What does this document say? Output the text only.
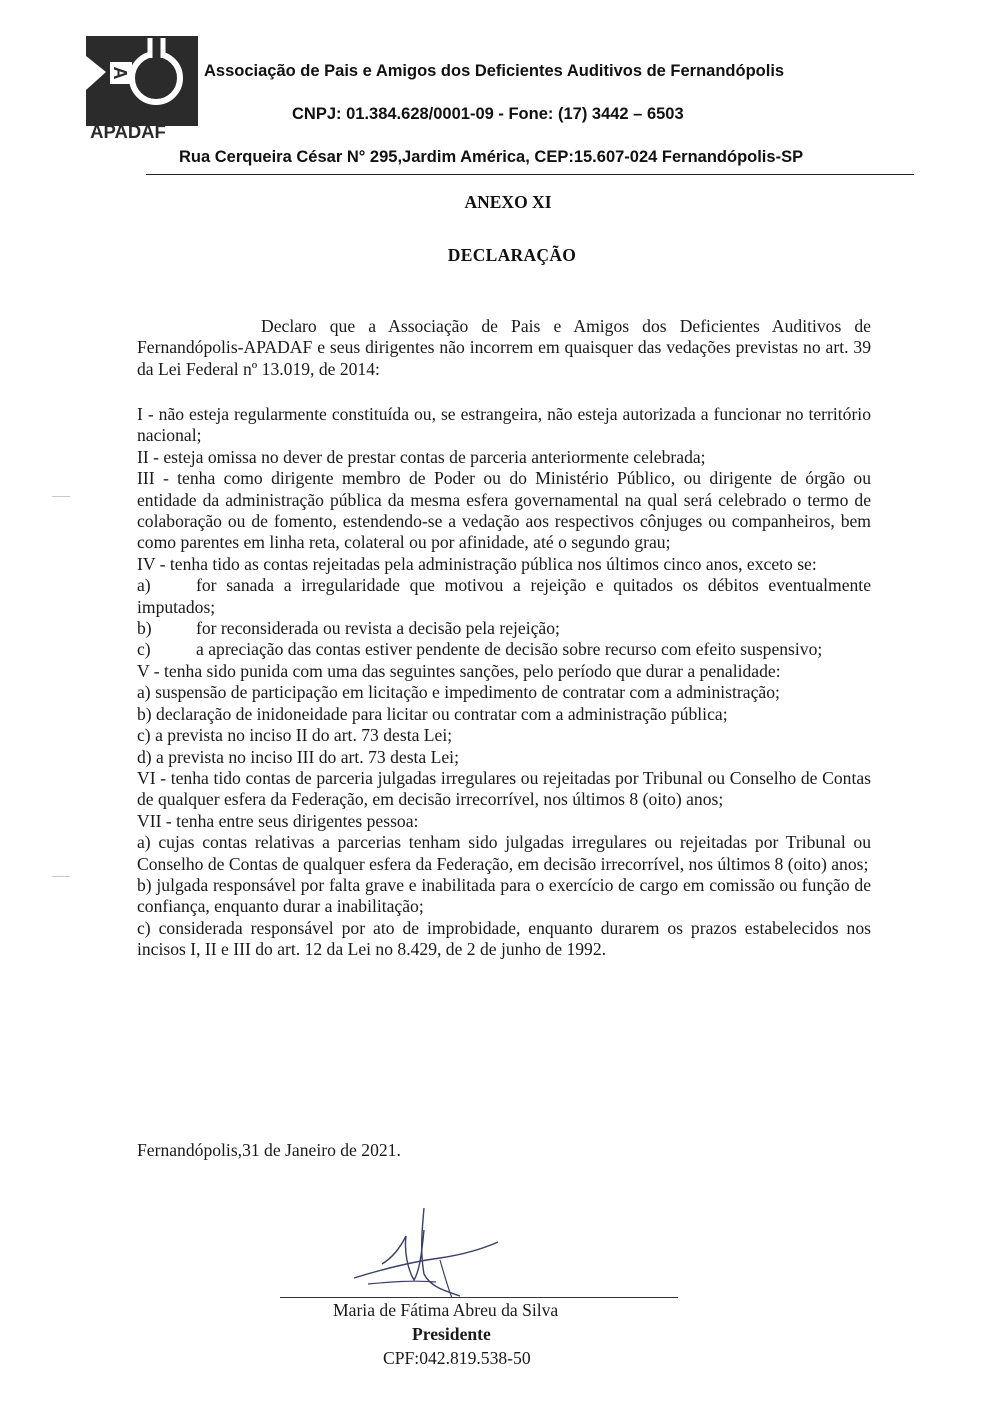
A
APADAF
Associação de Pais e Amigos dos Deficientes Auditivos de Fernandópolis
CNPJ: 01.384.628/0001-09 - Fone: (17) 3442 – 6503
Rua Cerqueira César N° 295,Jardim América, CEP:15.607-024 Fernandópolis-SP
ANEXO XI
DECLARAÇÃO
Declaro que a Associação de Pais e Amigos dos Deficientes Auditivos de Fernandópolis-APADAF e seus dirigentes não incorrem em quaisquer das vedações previstas no art. 39 da Lei Federal nº 13.019, de 2014:

I - não esteja regularmente constituída ou, se estrangeira, não esteja autorizada a funcionar no território nacional;

II - esteja omissa no dever de prestar contas de parceria anteriormente celebrada;

III - tenha como dirigente membro de Poder ou do Ministério Público, ou dirigente de órgão ou entidade da administração pública da mesma esfera governamental na qual será celebrado o termo de colaboração ou de fomento, estendendo-se a vedação aos respectivos cônjuges ou companheiros, bem como parentes em linha reta, colateral ou por afinidade, até o segundo grau;

IV - tenha tido as contas rejeitadas pela administração pública nos últimos cinco anos, exceto se:

a)	for sanada a irregularidade que motivou a rejeição e quitados os débitos eventualmente imputados;

b)	for reconsiderada ou revista a decisão pela rejeição;

c)	a apreciação das contas estiver pendente de decisão sobre recurso com efeito suspensivo;

V - tenha sido punida com uma das seguintes sanções, pelo período que durar a penalidade:

a) suspensão de participação em licitação e impedimento de contratar com a administração;

b) declaração de inidoneidade para licitar ou contratar com a administração pública;

c) a prevista no inciso II do art. 73 desta Lei;

d) a prevista no inciso III do art. 73 desta Lei;

VI - tenha tido contas de parceria julgadas irregulares ou rejeitadas por Tribunal ou Conselho de Contas de qualquer esfera da Federação, em decisão irrecorrível, nos últimos 8 (oito) anos;

VII - tenha entre seus dirigentes pessoa:

a) cujas contas relativas a parcerias tenham sido julgadas irregulares ou rejeitadas por Tribunal ou Conselho de Contas de qualquer esfera da Federação, em decisão irrecorrível, nos últimos 8 (oito) anos;

b) julgada responsável por falta grave e inabilitada para o exercício de cargo em comissão ou função de confiança, enquanto durar a inabilitação;

c) considerada responsável por ato de improbidade, enquanto durarem os prazos estabelecidos nos incisos I, II e III do art. 12 da Lei no 8.429, de 2 de junho de 1992.

Fernandópolis,31 de Janeiro de 2021.
Maria de Fátima Abreu da Silva
Presidente
CPF:042.819.538-50
